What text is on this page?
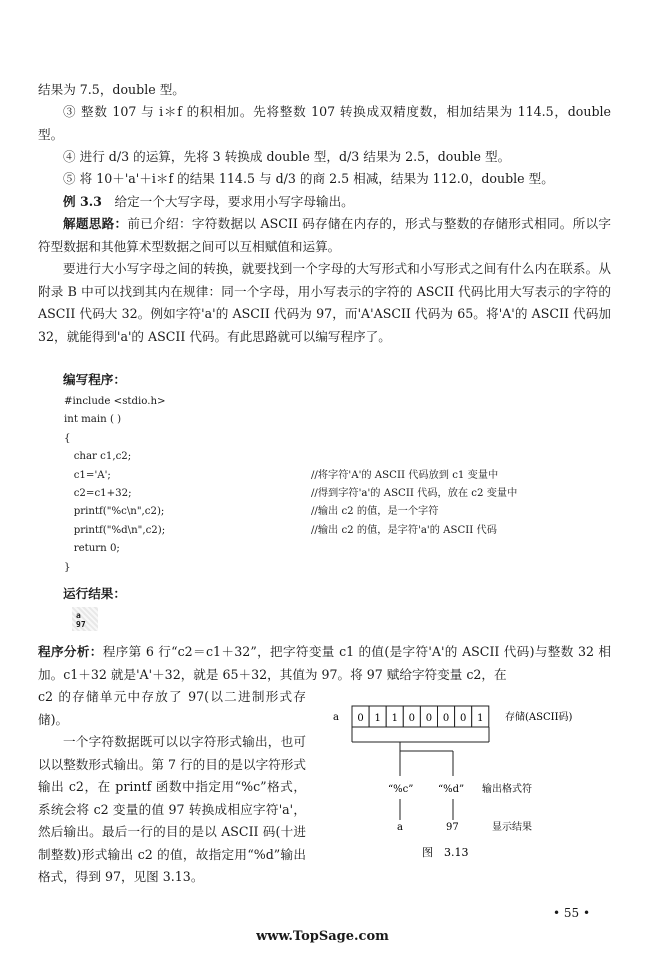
结果为 7.5，double 型。

③ 整数 107 与 i＊f 的积相加。先将整数 107 转换成双精度数，相加结果为 114.5，double 型。

④ 进行 d/3 的运算，先将 3 转换成 double 型，d/3 结果为 2.5，double 型。

⑤ 将 10＋'a'＋i＊f 的结果 114.5 与 d/3 的商 2.5 相减，结果为 112.0，double 型。

例 3.3　 给定一个大写字母，要求用小写字母输出。

解题思路：前已介绍：字符数据以 ASCII 码存储在内存的，形式与整数的存储形式相同。所以字符型数据和其他算术型数据之间可以互相赋值和运算。

要进行大小写字母之间的转换，就要找到一个字母的大写形式和小写形式之间有什么内在联系。从附录 B 中可以找到其内在规律：同一个字母，用小写表示的字符的 ASCII 代码比用大写表示的字符的 ASCII 代码大 32。例如字符'a'的 ASCII 代码为 97，而'A'ASCII 代码为 65。将'A'的 ASCII 代码加 32，就能得到'a'的 ASCII 代码。有此思路就可以编写程序了。

编写程序：

#include <stdio.h>
int main ( )
{
char c1,c2;
c1='A';	//将字符'A'的 ASCII 代码放到 c1 变量中
c2=c1+32;	//得到字符'a'的 ASCII 代码，放在 c2 变量中
printf("%c\n",c2);	//输出 c2 的值，是一个字符
printf("%d\n",c2);	//输出 c2 的值，是字符'a'的 ASCII 代码
return 0;
}

运行结果：

a
97

程序分析：程序第 6 行“c2＝c1＋32”，把字符变量 c1 的值(是字符'A'的 ASCII 代码)与整数 32 相加。c1＋32 就是'A'＋32，就是 65＋32，其值为 97。将 97 赋给字符变量 c2，在

c2 的存储单元中存放了 97(以二进制形式存储)。

一个字符数据既可以以字符形式输出，也可以以整数形式输出。第 7 行的目的是以字符形式输出 c2，在 printf 函数中指定用“%c”格式，系统会将 c2 变量的值 97 转换成相应字符'a'，然后输出。最后一行的目的是以 ASCII 码(十进制整数)形式输出 c2 的值，故指定用“%d”输出格式，得到 97，见图 3.13。

a 0 1 1 0 0 0 0 1 存储(ASCII码)
“%c” “%d” 输出格式符
a	97	显示结果
图　3.13
• 55 •
www.TopSage.com
